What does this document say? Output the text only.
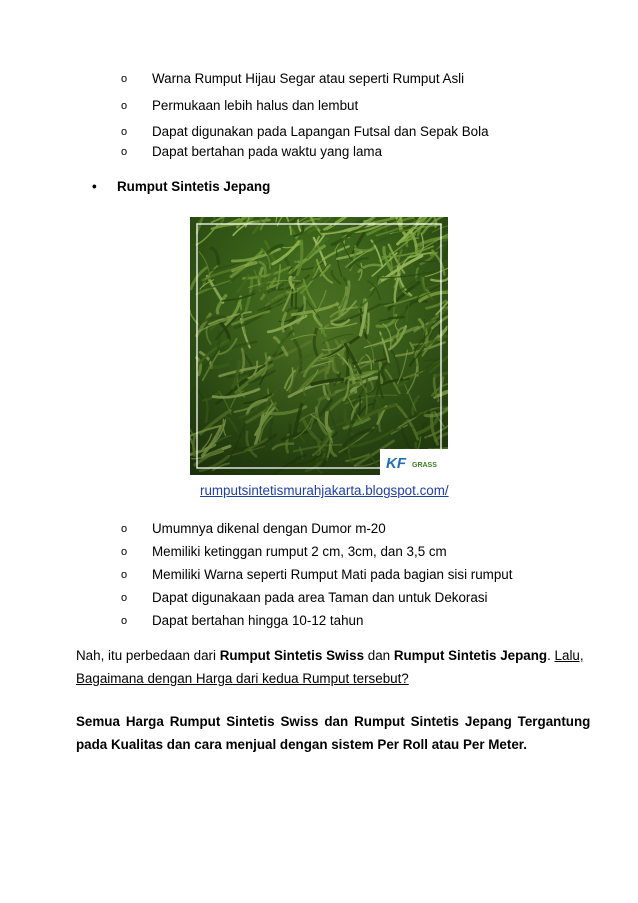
o Warna Rumput Hijau Segar atau seperti Rumput Asli
o Permukaan lebih halus dan lembut
o Dapat digunakan pada Lapangan Futsal dan Sepak Bola
o Dapat bertahan pada waktu yang lama
• Rumput Sintetis Jepang
KF GRASS
rumputsintetismurahjakarta.blogspot.com/
o Umumnya dikenal dengan Dumor m-20
o Memiliki ketinggan rumput 2 cm, 3cm, dan 3,5 cm
o Memiliki Warna seperti Rumput Mati pada bagian sisi rumput
o Dapat digunakaan pada area Taman dan untuk Dekorasi
o Dapat bertahan hingga 10-12 tahun
Nah, itu perbedaan dari Rumput Sintetis Swiss dan Rumput Sintetis Jepang. Lalu,
Bagaimana dengan Harga dari kedua Rumput tersebut?
Semua Harga Rumput Sintetis Swiss dan Rumput Sintetis Jepang Tergantung
pada Kualitas dan cara menjual dengan sistem Per Roll atau Per Meter.
